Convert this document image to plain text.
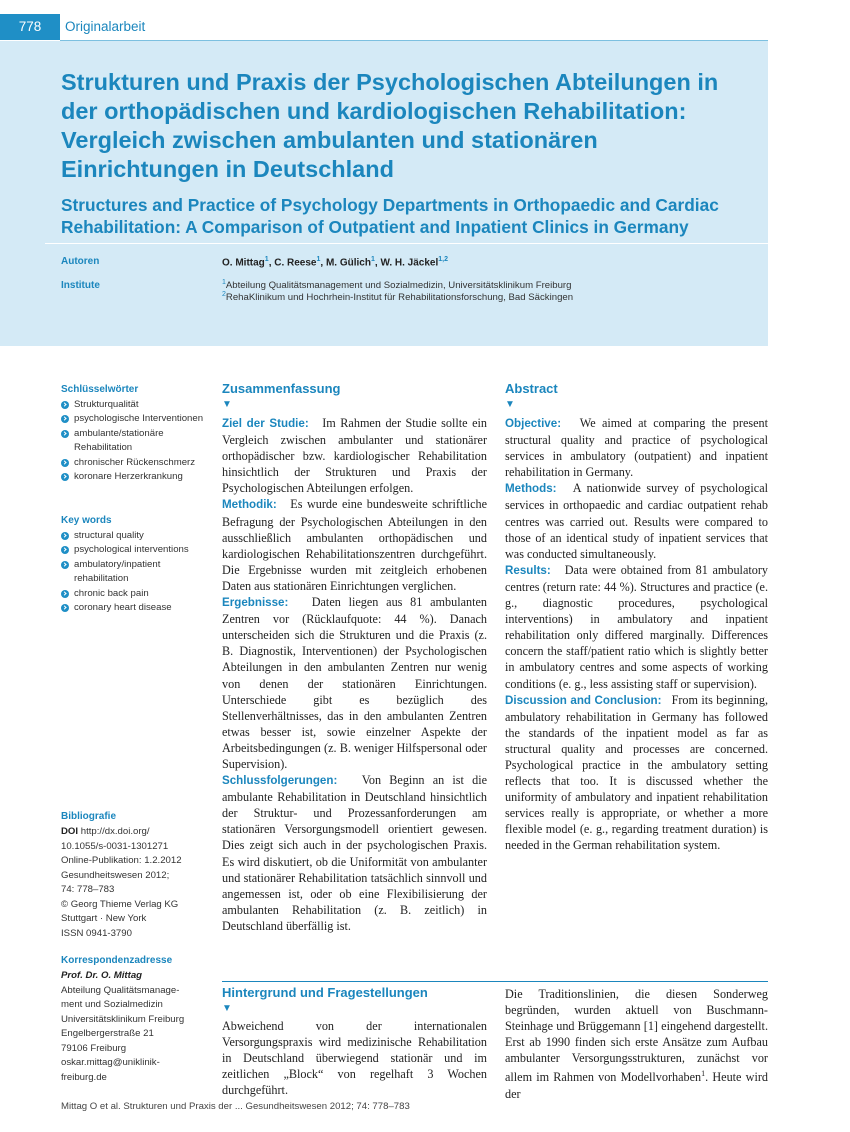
778	Originalarbeit
Strukturen und Praxis der Psychologischen Abteilungen in der orthopädischen und kardiologischen Rehabilitation: Vergleich zwischen ambulanten und stationären Einrichtungen in Deutschland
Structures and Practice of Psychology Departments in Orthopaedic and Cardiac Rehabilitation: A Comparison of Outpatient and Inpatient Clinics in Germany
Autoren
Institute
O. Mittag$^1$, C. Reese$^1$, M. Gülich$^1$, W. H. Jäckel$^{1,2}$
$^1$Abteilung Qualitätsmanagement und Sozialmedizin, Universitätsklinikum Freiburg
$^2$RehaKlinikum und Hochrhein-Institut für Rehabilitationsforschung, Bad Säckingen
Schlüsselwörter
Strukturqualität
psychologische Interventionen
ambulante/stationäre Rehabilitation
chronischer Rückenschmerz
koronare Herzerkrankung
Key words
structural quality
psychological interventions
ambulatory/inpatient rehabilitation
chronic back pain
coronary heart disease
Bibliografie
DOI http://dx.doi.org/
10.1055/s-0031-1301271
Online-Publikation: 1.2.2012
Gesundheitswesen 2012;
74: 778–783
© Georg Thieme Verlag KG
Stuttgart · New York
ISSN 0941-3790
Korrespondenzadresse
Prof. Dr. O. Mittag
Abteilung Qualitätsmanage-
ment und Sozialmedizin
Universitätsklinikum Freiburg
Engelbergerstraße 21
79106 Freiburg
oskar.mittag@uniklinik-
freiburg.de
Zusammenfassung
▼

Ziel der Studie: Im Rahmen der Studie sollte ein Vergleich zwischen ambulanter und stationärer orthopädischer bzw. kardiologischer Rehabilitation hinsichtlich der Strukturen und Praxis der Psychologischen Abteilungen erfolgen.

Methodik: Es wurde eine bundesweite schriftliche Befragung der Psychologischen Abteilungen in den ausschließlich ambulanten orthopädischen und kardiologischen Rehabilitationszentren durchgeführt. Die Ergebnisse wurden mit zeitgleich erhobenen Daten aus stationären Einrichtungen verglichen.

Ergebnisse: Daten liegen aus 81 ambulanten Zentren vor (Rücklaufquote: 44 %). Danach unterscheiden sich die Strukturen und die Praxis (z. B. Diagnostik, Interventionen) der Psychologischen Abteilungen in den ambulanten Zentren nur wenig von denen der stationären Einrichtungen. Unterschiede gibt es bezüglich des Stellenverhältnisses, das in den ambulanten Zentren etwas besser ist, sowie einzelner Aspekte der Arbeitsbedingungen (z. B. weniger Hilfspersonal oder Supervision).

Schlussfolgerungen: Von Beginn an ist die ambulante Rehabilitation in Deutschland hinsichtlich der Struktur- und Prozessanforderungen am stationären Versorgungsmodell orientiert gewesen. Dies zeigt sich auch in der psychologischen Praxis. Es wird diskutiert, ob die Uniformität von ambulanter und stationärer Rehabilitation tatsächlich sinnvoll und angemessen ist, oder ob eine Flexibilisierung der ambulanten Rehabilitation (z. B. zeitlich) in Deutschland überfällig ist.

Abstract
▼

Objective: We aimed at comparing the present structural quality and practice of psychological services in ambulatory (outpatient) and inpatient rehabilitation in Germany.

Methods: A nationwide survey of psychological services in orthopaedic and cardiac outpatient rehab centres was carried out. Results were compared to those of an identical study of inpatient services that was conducted simultaneously.

Results: Data were obtained from 81 ambulatory centres (return rate: 44 %). Structures and practice (e. g., diagnostic procedures, psychological interventions) in ambulatory and inpatient rehabilitation only differed marginally. Differences concern the staff/patient ratio which is slightly better in ambulatory centres and some aspects of working conditions (e. g., less assisting staff or supervision).

Discussion and Conclusion: From its beginning, ambulatory rehabilitation in Germany has followed the standards of the inpatient model as far as structural quality and processes are concerned. Psychological practice in the ambulatory setting reflects that too. It is discussed whether the uniformity of ambulatory and inpatient rehabilitation services really is appropriate, or whether a more flexible model (e. g., regarding treatment duration) is needed in the German rehabilitation system.

Hintergrund und Fragestellungen
▼

Abweichend von der internationalen Versorgungspraxis wird medizinische Rehabilitation in Deutschland überwiegend stationär und im zeitlichen „Block“ von regelhaft 3 Wochen durchgeführt.

Die Traditionslinien, die diesen Sonderweg begründen, wurden aktuell von Buschmann-Steinhage und Brüggemann [1] eingehend dargestellt. Erst ab 1990 finden sich erste Ansätze zum Aufbau ambulanter Versorgungsstrukturen, zunächst vor allem im Rahmen von Modellvorhaben$^1$. Heute wird der

Mittag O et al. Strukturen und Praxis der ... Gesundheitswesen 2012; 74: 778–783
